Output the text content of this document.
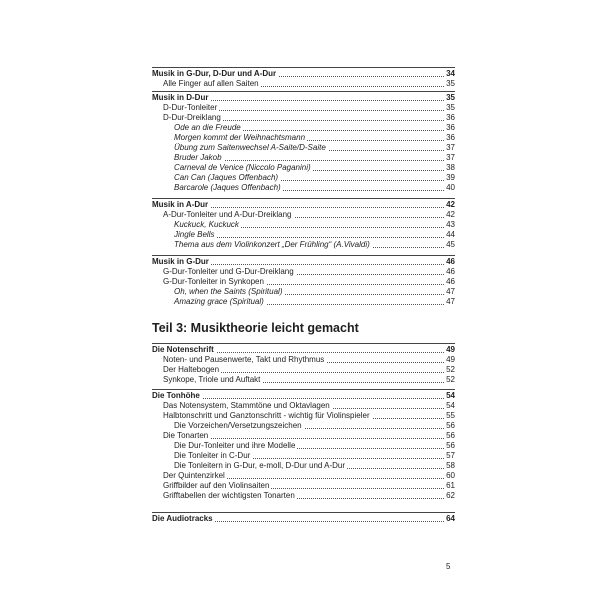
Musik in G-Dur, D-Dur und A-Dur	34
Alle Finger auf allen Saiten	35
Musik in D-Dur	35
D-Dur-Tonleiter	35
D-Dur-Dreiklang	36
Ode an die Freude	36
Morgen kommt der Weihnachtsmann	36
Übung zum Saitenwechsel A-Saite/D-Saite	37
Bruder Jakob	37
Carneval de Venice (Niccolo Paganini)	38
Can Can (Jaques Offenbach)	39
Barcarole (Jaques Offenbach)	40
Musik in A-Dur	42
A-Dur-Tonleiter und A-Dur-Dreiklang	42
Kuckuck, Kuckuck	43
Jingle Bells	44
Thema aus dem Violinkonzert „Der Frühling“ (A.Vivaldi)	45
Musik in G-Dur	46
G-Dur-Tonleiter und G-Dur-Dreiklang	46
G-Dur-Tonleiter in Synkopen	46
Oh, when the Saints (Spiritual)	47
Amazing grace (Spiritual)	47
Teil 3: Musiktheorie leicht gemacht
Die Notenschrift	49
Noten- und Pausenwerte, Takt und Rhythmus	49
Der Haltebogen	52
Synkope, Triole und Auftakt	52
Die Tonhöhe	54
Das Notensystem, Stammtöne und Oktavlagen	54
Halbtonschritt und Ganztonschritt - wichtig für Violinspieler	55
Die Vorzeichen/Versetzungszeichen	56
Die Tonarten	56
Die Dur-Tonleiter und ihre Modelle	56
Die Tonleiter in C-Dur	57
Die Tonleitern in G-Dur, e-moll, D-Dur und A-Dur	58
Der Quintenzirkel	60
Griffbilder auf den Violinsaiten	61
Grifftabellen der wichtigsten Tonarten	62
Die Audiotracks	64
5
